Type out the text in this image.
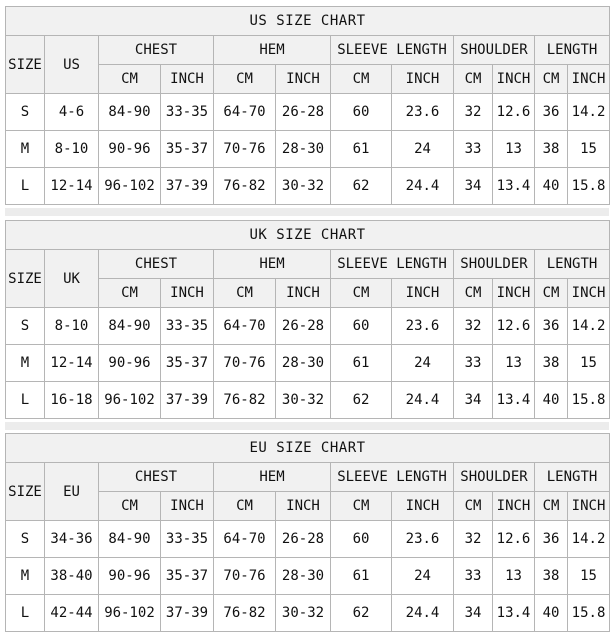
US SIZE CHART											
SIZE	US	CHEST		HEM		SLEEVE LENGTH		SHOULDER		LENGTH	
		CM	INCH	CM	INCH	CM	INCH	CM	INCH	CM	INCH
S	4-6	84-90	33-35	64-70	26-28	60	23.6	32	12.6	36	14.2
M	8-10	90-96	35-37	70-76	28-30	61	24	33	13	38	15
L	12-14	96-102	37-39	76-82	30-32	62	24.4	34	13.4	40	15.8
UK SIZE CHART											
SIZE	UK	CHEST		HEM		SLEEVE LENGTH		SHOULDER		LENGTH	
		CM	INCH	CM	INCH	CM	INCH	CM	INCH	CM	INCH
S	8-10	84-90	33-35	64-70	26-28	60	23.6	32	12.6	36	14.2
M	12-14	90-96	35-37	70-76	28-30	61	24	33	13	38	15
L	16-18	96-102	37-39	76-82	30-32	62	24.4	34	13.4	40	15.8
EU SIZE CHART											
SIZE	EU	CHEST		HEM		SLEEVE LENGTH		SHOULDER		LENGTH	
		CM	INCH	CM	INCH	CM	INCH	CM	INCH	CM	INCH
S	34-36	84-90	33-35	64-70	26-28	60	23.6	32	12.6	36	14.2
M	38-40	90-96	35-37	70-76	28-30	61	24	33	13	38	15
L	42-44	96-102	37-39	76-82	30-32	62	24.4	34	13.4	40	15.8
